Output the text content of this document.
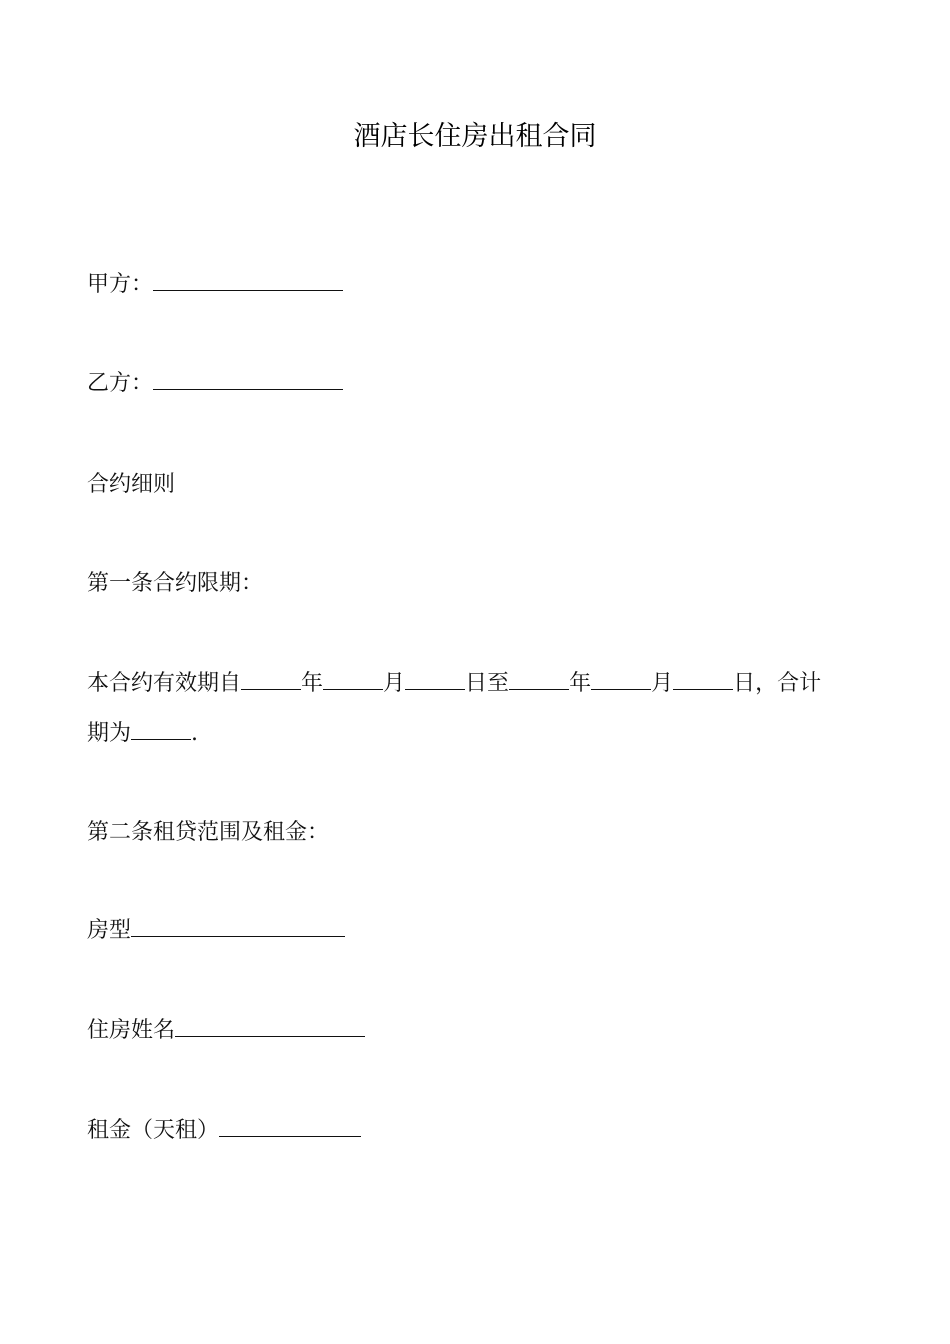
酒店长住房出租合同
甲方：
乙方：
合约细则
第一条合约限期：
本合约有效期自	年	月	日至	年	月	日，合计
期为	.
第二条租贷范围及租金：
房型
住房姓名
租金（天租）
